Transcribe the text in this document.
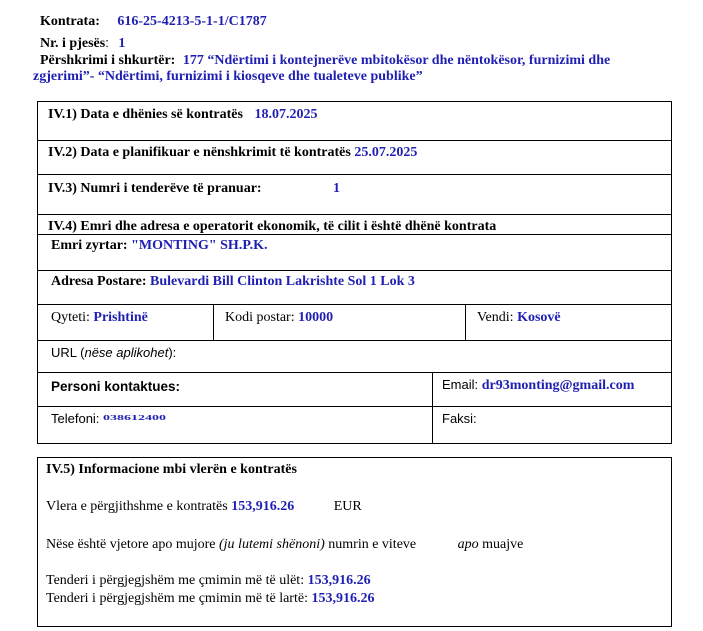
Kontrata: 616-25-4213-5-1-1/C1787
Nr. i pjesës: 1
Përshkrimi i shkurtër: 177 “Ndërtimi i kontejnerëve mbitokësor dhe nëntokësor, furnizimi dhe
zgjerimi”- “Ndërtimi, furnizimi i kiosqeve dhe tualeteve publike”
IV.1) Data e dhënies së kontratës 18.07.2025
IV.2) Data e planifikuar e nënshkrimit të kontratës 25.07.2025
IV.3) Numri i tenderëve të pranuar:	1
IV.4) Emri dhe adresa e operatorit ekonomik, të cilit i është dhënë kontrata
Emri zyrtar: "MONTING" SH.P.K.
Adresa Postare: Bulevardi Bill Clinton Lakrishte Sol 1 Lok 3
Qyteti: Prishtinë	Kodi postar: 10000	Vendi: Kosovë
URL (nëse aplikohet):
Personi kontaktues:	Email: dr93monting@gmail.com
Telefoni: 038612400	Faksi:
IV.5) Informacione mbi vlerën e kontratës
Vlera e përgjithshme e kontratës 153,916.26	EUR
Nëse është vjetore apo mujore (ju lutemi shënoni) numrin e viteve	apo muajve
Tenderi i përgjegjshëm me çmimin më të ulët: 153,916.26
Tenderi i përgjegjshëm me çmimin më të lartë: 153,916.26
